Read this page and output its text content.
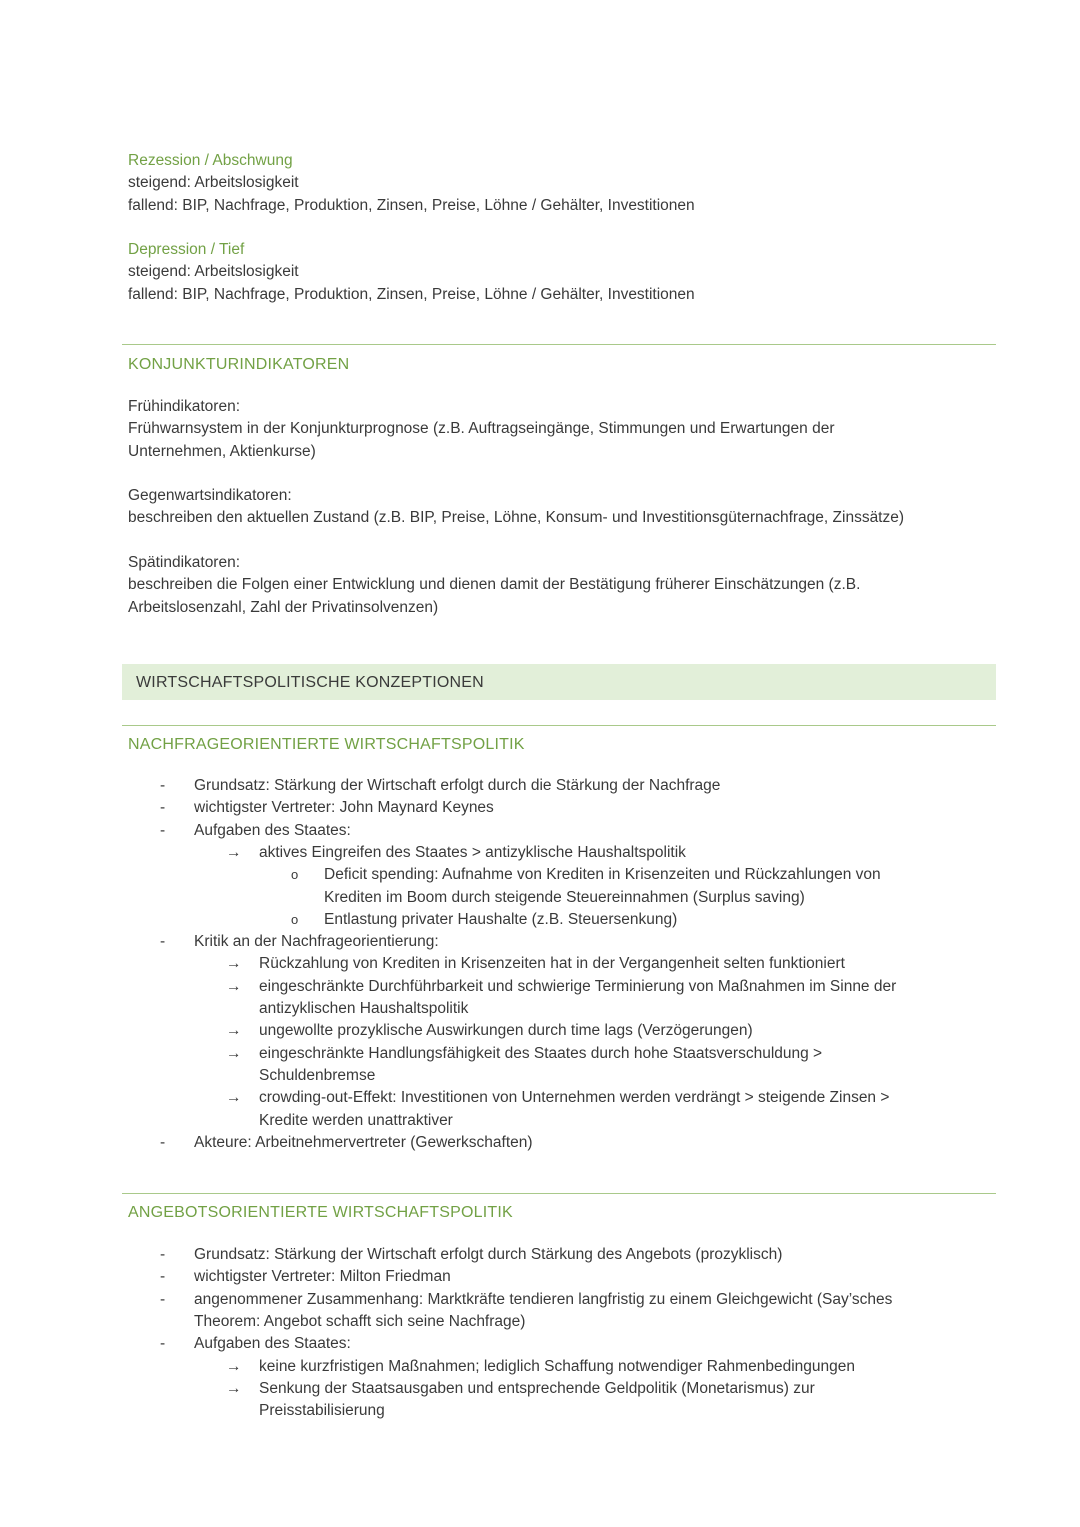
Rezession / Abschwung
steigend: Arbeitslosigkeit
fallend: BIP, Nachfrage, Produktion, Zinsen, Preise, Löhne / Gehälter, Investitionen
Depression / Tief
steigend: Arbeitslosigkeit
fallend: BIP, Nachfrage, Produktion, Zinsen, Preise, Löhne / Gehälter, Investitionen
KONJUNKTURINDIKATOREN
Frühindikatoren:
Frühwarnsystem in der Konjunkturprognose (z.B. Auftragseingänge, Stimmungen und Erwartungen der
Unternehmen, Aktienkurse)
Gegenwartsindikatoren:
beschreiben den aktuellen Zustand (z.B. BIP, Preise, Löhne, Konsum- und Investitionsgüternachfrage, Zinssätze)
Spätindikatoren:
beschreiben die Folgen einer Entwicklung und dienen damit der Bestätigung früherer Einschätzungen (z.B.
Arbeitslosenzahl, Zahl der Privatinsolvenzen)
WIRTSCHAFTSPOLITISCHE KONZEPTIONEN
NACHFRAGEORIENTIERTE WIRTSCHAFTSPOLITIK
- Grundsatz: Stärkung der Wirtschaft erfolgt durch die Stärkung der Nachfrage
- wichtigster Vertreter: John Maynard Keynes
- Aufgaben des Staates:
→ aktives Eingreifen des Staates > antizyklische Haushaltspolitik
o Deficit spending: Aufnahme von Krediten in Krisenzeiten und Rückzahlungen von
Krediten im Boom durch steigende Steuereinnahmen (Surplus saving)
o Entlastung privater Haushalte (z.B. Steuersenkung)
- Kritik an der Nachfrageorientierung:
→ Rückzahlung von Krediten in Krisenzeiten hat in der Vergangenheit selten funktioniert
→ eingeschränkte Durchführbarkeit und schwierige Terminierung von Maßnahmen im Sinne der
antizyklischen Haushaltspolitik
→ ungewollte prozyklische Auswirkungen durch time lags (Verzögerungen)
→ eingeschränkte Handlungsfähigkeit des Staates durch hohe Staatsverschuldung >
Schuldenbremse
→ crowding-out-Effekt: Investitionen von Unternehmen werden verdrängt > steigende Zinsen >
Kredite werden unattraktiver
- Akteure: Arbeitnehmervertreter (Gewerkschaften)
ANGEBOTSORIENTIERTE WIRTSCHAFTSPOLITIK
- Grundsatz: Stärkung der Wirtschaft erfolgt durch Stärkung des Angebots (prozyklisch)
- wichtigster Vertreter: Milton Friedman
- angenommener Zusammenhang: Marktkräfte tendieren langfristig zu einem Gleichgewicht (Say’sches
Theorem: Angebot schafft sich seine Nachfrage)
- Aufgaben des Staates:
→ keine kurzfristigen Maßnahmen; lediglich Schaffung notwendiger Rahmenbedingungen
→ Senkung der Staatsausgaben und entsprechende Geldpolitik (Monetarismus) zur
Preisstabilisierung
